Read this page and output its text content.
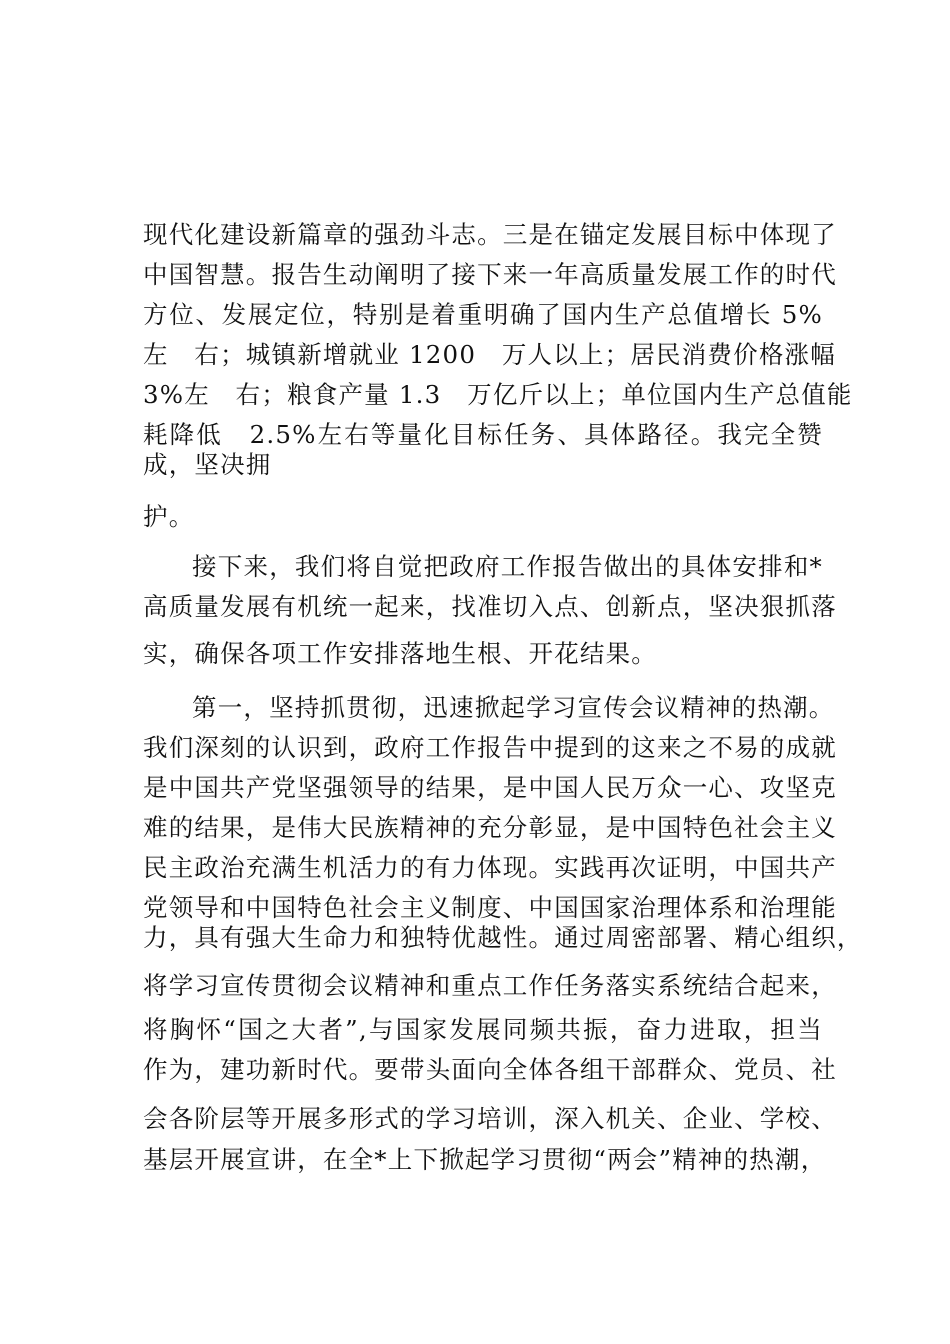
现代化建设新篇章的强劲斗志。三是在锚定发展目标中体现了
中国智慧。报告生动阐明了接下来一年高质量发展工作的时代
方位、发展定位，特别是着重明确了国内生产总值增长 5%
左　右；城镇新增就业 1200　万人以上；居民消费价格涨幅
3%左　右；粮食产量 1.3　万亿斤以上；单位国内生产总值能
耗降低　2.5%左右等量化目标任务、具体路径。我完全赞
成，坚决拥
护。
接下来，我们将自觉把政府工作报告做出的具体安排和*
高质量发展有机统一起来，找准切入点、创新点，坚决狠抓落
实，确保各项工作安排落地生根、开花结果。
第一，坚持抓贯彻，迅速掀起学习宣传会议精神的热潮。
我们深刻的认识到，政府工作报告中提到的这来之不易的成就
是中国共产党坚强领导的结果，是中国人民万众一心、攻坚克
难的结果，是伟大民族精神的充分彰显，是中国特色社会主义
民主政治充满生机活力的有力体现。实践再次证明，中国共产
党领导和中国特色社会主义制度、中国国家治理体系和治理能
力，具有强大生命力和独特优越性。通过周密部署、精心组织，
将学习宣传贯彻会议精神和重点工作任务落实系统结合起来，
将胸怀“国之大者”,与国家发展同频共振，奋力进取，担当
作为，建功新时代。要带头面向全体各组干部群众、党员、社
会各阶层等开展多形式的学习培训，深入机关、企业、学校、
基层开展宣讲，在全*上下掀起学习贯彻“两会”精神的热潮，
